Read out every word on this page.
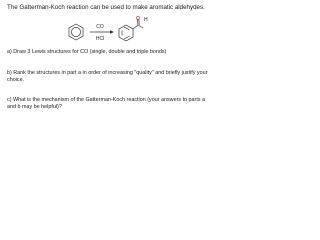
The Gatterman-Koch reaction can be used to make aromatic aldehydes.
CO
HCl
H
a) Draw 3 Lewis structures for CO (single, double and triple bonds)
b) Rank the structures in part a in order of increasing "quality" and briefly justify your
choice.
c) What is the mechanism of the Gatterman-Koch reaction (your answers to parts a
and b may be helpful)?
